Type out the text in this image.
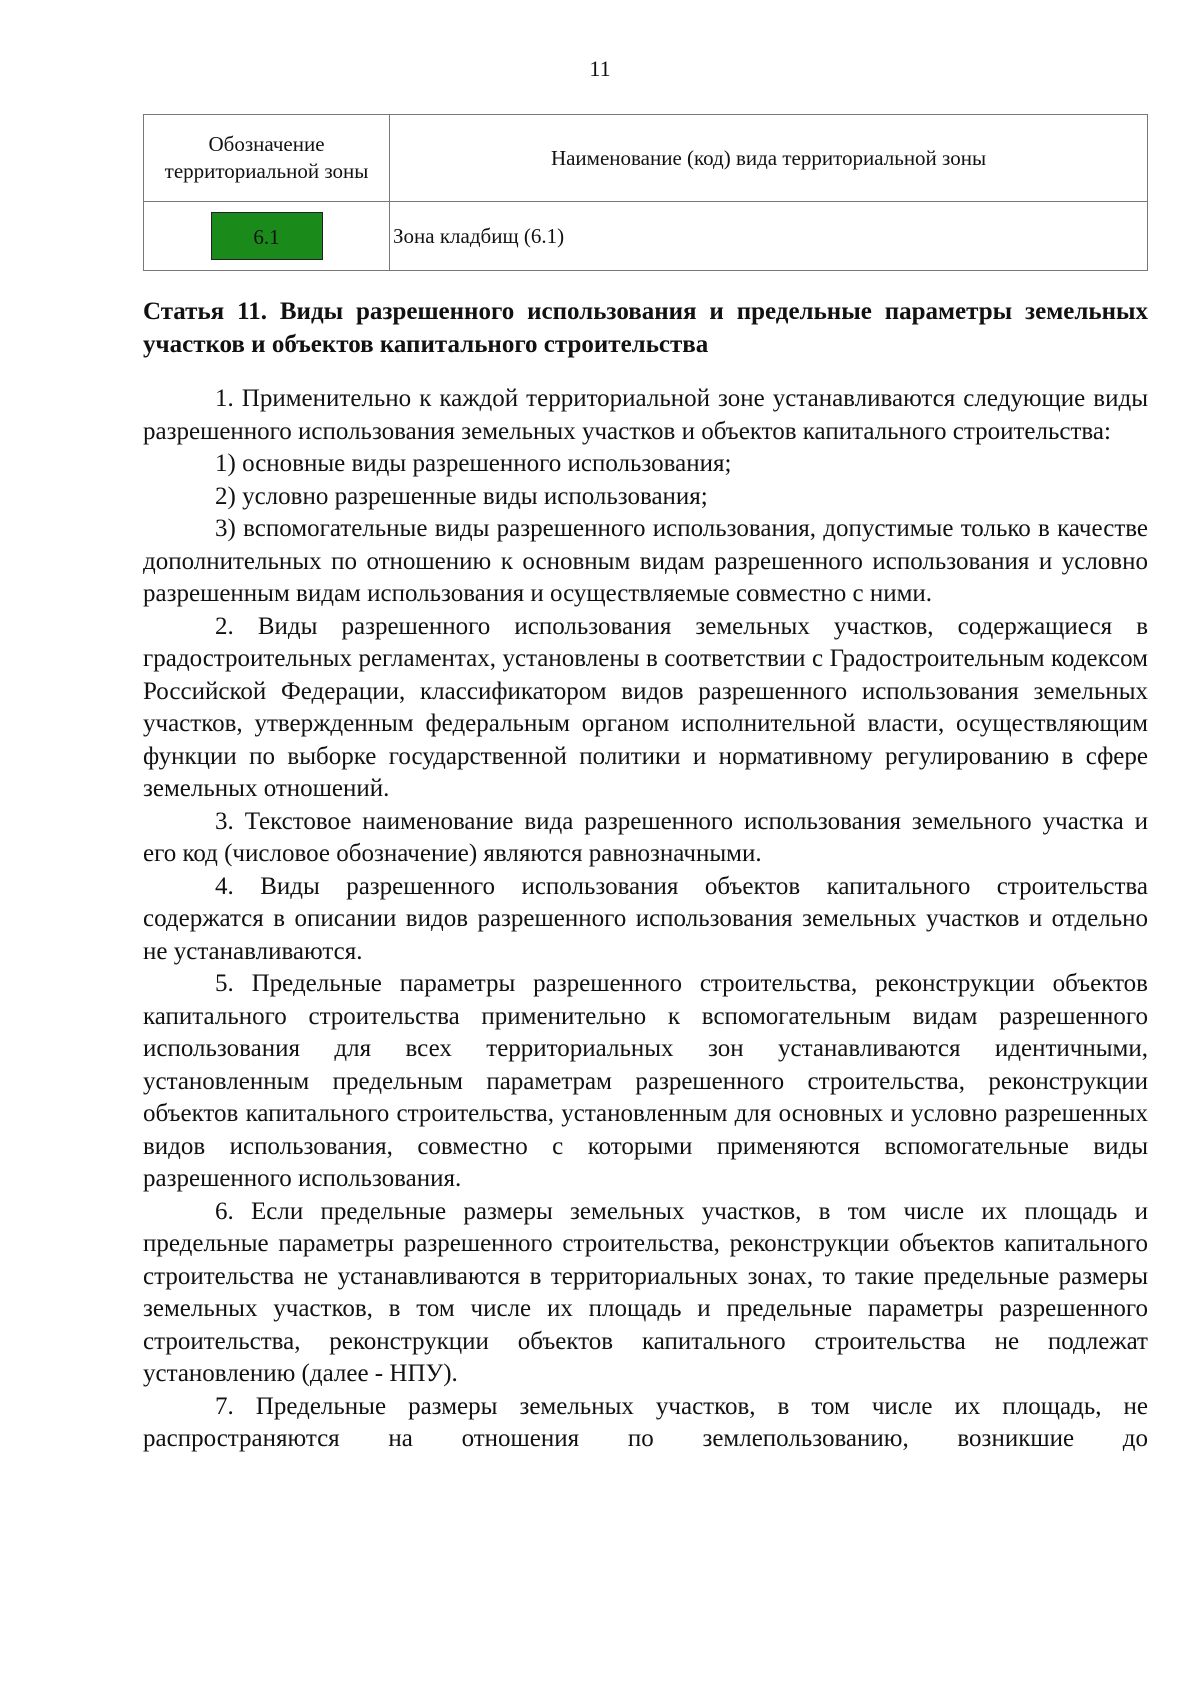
11
Обозначение территориальной зоны	Наименование (код) вида территориальной зоны
6.1	Зона кладбищ (6.1)
Статья 11. Виды разрешенного использования и предельные параметры земельных участков и объектов капитального строительства

1. Применительно к каждой территориальной зоне устанавливаются следующие виды разрешенного использования земельных участков и объектов капитального строительства:

1) основные виды разрешенного использования;

2) условно разрешенные виды использования;

3) вспомогательные виды разрешенного использования, допустимые только в качестве дополнительных по отношению к основным видам разрешенного использования и условно разрешенным видам использования и осуществляемые совместно с ними.

2. Виды разрешенного использования земельных участков, содержащиеся в градостроительных регламентах, установлены в соответствии с Градостроительным кодексом Российской Федерации, классификатором видов разрешенного использования земельных участков, утвержденным федеральным органом исполнительной власти, осуществляющим функции по выборке государственной политики и нормативному регулированию в сфере земельных отношений.

3. Текстовое наименование вида разрешенного использования земельного участка и его код (числовое обозначение) являются равнозначными.

4. Виды разрешенного использования объектов капитального строительства содержатся в описании видов разрешенного использования земельных участков и отдельно не устанавливаются.

5. Предельные параметры разрешенного строительства, реконструкции объектов капитального строительства применительно к вспомогательным видам разрешенного использования для всех территориальных зон устанавливаются идентичными, установленным предельным параметрам разрешенного строительства, реконструкции объектов капитального строительства, установленным для основных и условно разрешенных видов использования, совместно с которыми применяются вспомогательные виды разрешенного использования.

6. Если предельные размеры земельных участков, в том числе их площадь и предельные параметры разрешенного строительства, реконструкции объектов капитального строительства не устанавливаются в территориальных зонах, то такие предельные размеры земельных участков, в том числе их площадь и предельные параметры разрешенного строительства, реконструкции объектов капитального строительства не подлежат установлению (далее - НПУ).

7. Предельные размеры земельных участков, в том числе их площадь, не распространяются на отношения по землепользованию, возникшие до
